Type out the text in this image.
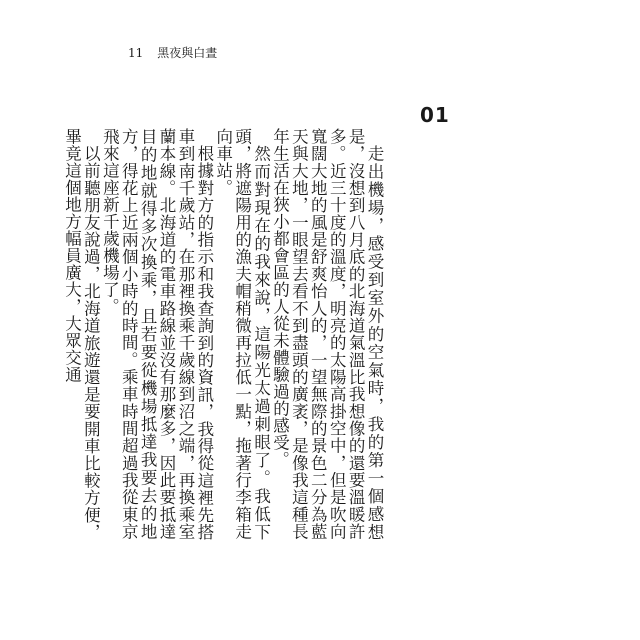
11 黑夜與白晝
01

走出機場，感受到室外的空氣時，我的第一個感想是，沒想到八月底的北海道氣溫比我想像的還要溫暖許多。近三十度的溫度，明亮的太陽高掛空中，但是吹向寬闊大地的風是舒爽怡人的，一望無際的景色二分為藍天與大地，一眼望去看不到盡頭的廣袤，是像我這種長年生活在狹小都會區的人從未體驗過的感受。

然而對現在的我來說，這陽光太過刺眼了。我低下頭，將遮陽用的漁夫帽稍微再拉低一點，拖著行李箱走向車站。

根據對方的指示和我查詢到的資訊，我得從這裡先搭車到南千歲站，在那裡換乘千歲線到沼之端，再換乘室蘭本線。北海道的電車路線並沒有那麼多，因此要抵達目的地就得多次換乘，且若要從機場抵達我要去的地方，得花上近兩個小時的時間。乘車時間超過我從東京飛來這座新千歲機場了。

以前聽朋友說過，北海道旅遊還是要開車比較方便，畢竟這個地方幅員廣大，大眾交通
